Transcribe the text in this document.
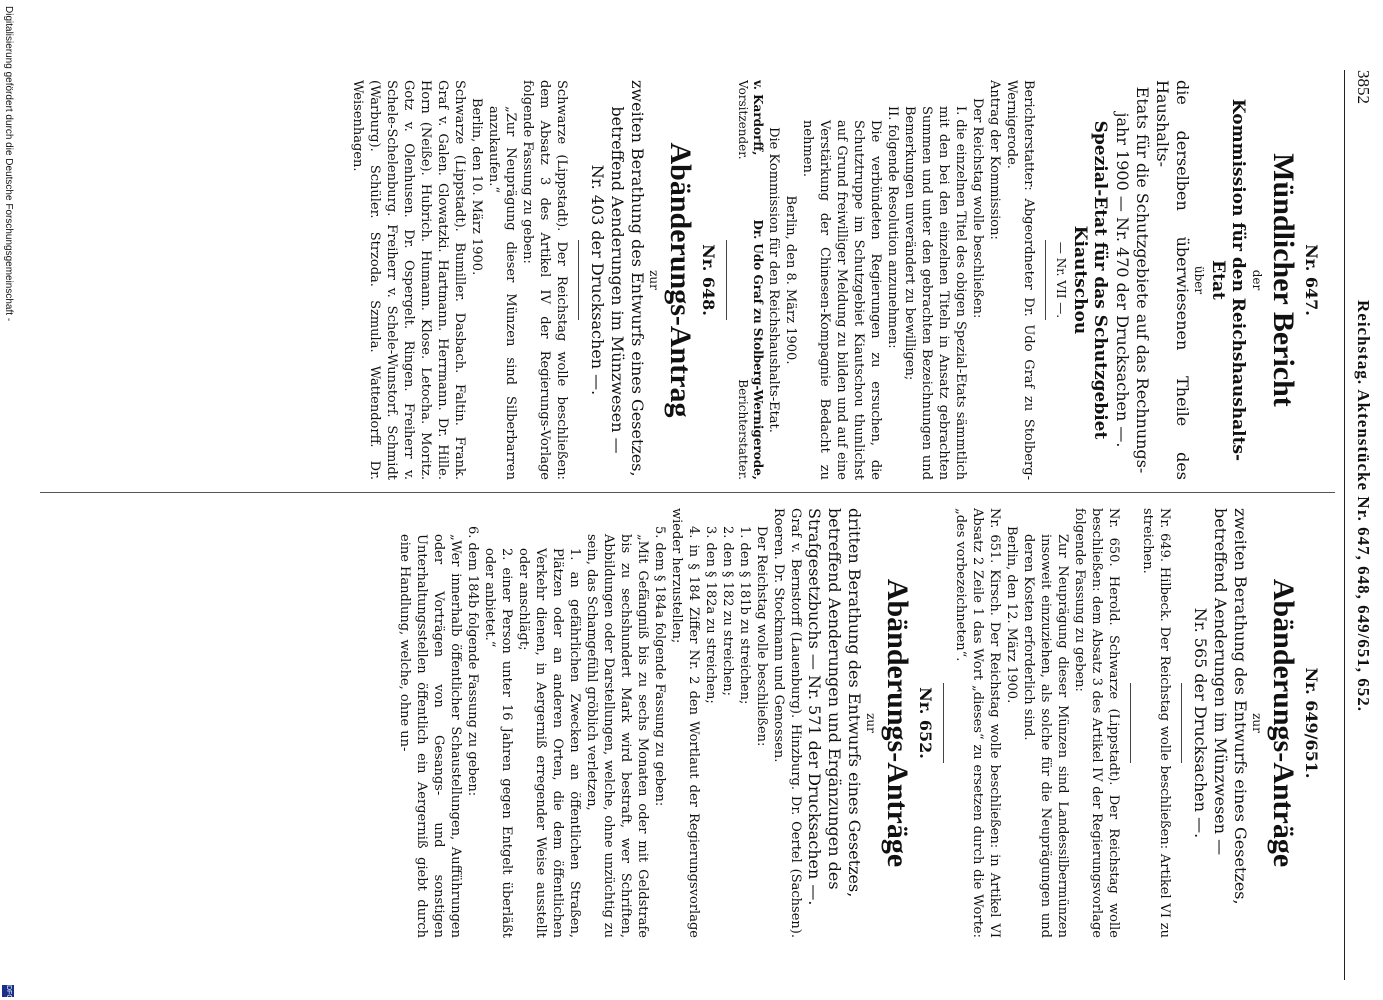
3852
Reichstag. Aktenstücke Nr. 647, 648, 649/651, 652.
Nr. 647.
Mündlicher Bericht
der
Kommission für den Reichshaushalts-Etat
über

die derselben überwiesenen Theile des Haushalts-

Etats für die Schutzgebiete auf das Rechnungs-

jahr 1900 — Nr. 470 der Drucksachen —.

Spezial-Etat für das Schutzgebiet Kiautschou
— Nr. VII —.

Berichterstatter: Abgeordneter Dr. Udo Graf zu Stolberg-Wernigerode.

Antrag der Kommission:

Der Reichstag wolle beschließen:

I. die einzelnen Titel des obigen Spezial-Etats sämmtlich mit den bei den einzelnen Titeln in Ansatz gebrachten Summen und unter den gebrachten Bezeichnungen und Bemerkungen unverändert zu bewilligen;

II. folgende Resolution anzunehmen:

Die verbündeten Regierungen zu ersuchen, die Schutztruppe im Schutzgebiet Kiautschou thunlichst auf Grund freiwilliger Meldung zu bilden und auf eine Verstärkung der Chinesen-Kompagnie Bedacht zu nehmen.

Berlin, den 8. März 1900.

Die Kommission für den Reichshaushalts-Etat.

v. Kardorff,
Vorsitzender.
Dr. Udo Graf zu Stolberg-Wernigerode,
Berichterstatter.
Nr. 648.
Abänderungs-Antrag
zur

zweiten Berathung des Entwurfs eines Gesetzes,

betreffend Aenderungen im Münzwesen —

Nr. 403 der Drucksachen —.

Schwarze (Lippstadt). Der Reichstag wolle beschließen: dem Absatz 3 des Artikel IV der Regierungs-Vorlage folgende Fassung zu geben:

„Zur Neuprägung dieser Münzen sind Silberbarren anzukaufen.“

Berlin, den 10. März 1900.

Schwarze (Lippstadt). Bumiller. Dasbach. Faltin. Frank. Graf v. Galen. Glowatzki. Hartmann. Herrmann. Dr. Hille. Horn (Neiße). Hubrich. Humann. Klose. Letocha. Moritz. Gotz v. Olenhusen. Dr. Ospergelt. Ringen. Freiherr v. Schele-Schelenburg. Freiherr v. Schele-Wunstorf. Schmidt (Warburg). Schüler. Strzoda. Szmula. Wattendorff. Dr. Weisenhagen.

Nr. 649/651.
Abänderungs-Anträge
zur

zweiten Berathung des Entwurfs eines Gesetzes,

betreffend Aenderungen im Münzwesen —

Nr. 565 der Drucksachen —.

Nr. 649. Hilbeck. Der Reichstag wolle beschließen: Artikel VI zu streichen.

Nr. 650. Herold. Schwarze (Lippstadt). Der Reichstag wolle beschließen: dem Absatz 3 des Artikel IV der Regierungsvorlage folgende Fassung zu geben:

Zur Neuprägung dieser Münzen sind Landessilbermünzen insoweit einzuziehen, als solche für die Neuprägungen und deren Kosten erforderlich sind.

Berlin, den 12. März 1900.

Nr. 651. Kirsch. Der Reichstag wolle beschließen: in Artikel VI Absatz 2 Zeile 1 das Wort „dieses“ zu ersetzen durch die Worte: „des vorbezeichneten“.

Nr. 652.
Abänderungs-Anträge
zur

dritten Berathung des Entwurfs eines Gesetzes,

betreffend Aenderungen und Ergänzungen des

Strafgesetzbuchs — Nr. 571 der Drucksachen —.

Graf v. Bernstorff (Lauenburg). Hinzburg. Dr. Oertel (Sachsen). Roeren. Dr. Stockmann und Genossen.

Der Reichstag wolle beschließen:

1. den § 181b zu streichen;

2. den § 182 zu streichen;

3. den § 182a zu streichen;

4. in § 184 Ziffer Nr. 2 den Wortlaut der Regierungsvorlage wieder herzustellen;

5. dem § 184a folgende Fassung zu geben:

„Mit Gefängniß bis zu sechs Monaten oder mit Geldstrafe bis zu sechshundert Mark wird bestraft, wer Schriften, Abbildungen oder Darstellungen, welche, ohne unzüchtig zu sein, das Schamgefühl gröblich verletzen,

1. an gefährlichen Zwecken an öffentlichen Straßen, Plätzen oder an anderen Orten, die dem öffentlichen Verkehr dienen, in Aergerniß erregender Weise ausstellt oder anschlägt;

2. einer Person unter 16 Jahren gegen Entgelt überläßt oder anbietet.“

6. dem 184b folgende Fassung zu geben:

„Wer innerhalb öffentlicher Schaustellungen, Aufführungen oder Vorträgen von Gesangs- und sonstigen Unterhaltungsstellen öffentlich ein Aergerniß giebt durch eine Handlung, welche, ohne un-

Digitalisierung gefördert durch die Deutsche Forschungsgemeinschaft -
DFG
